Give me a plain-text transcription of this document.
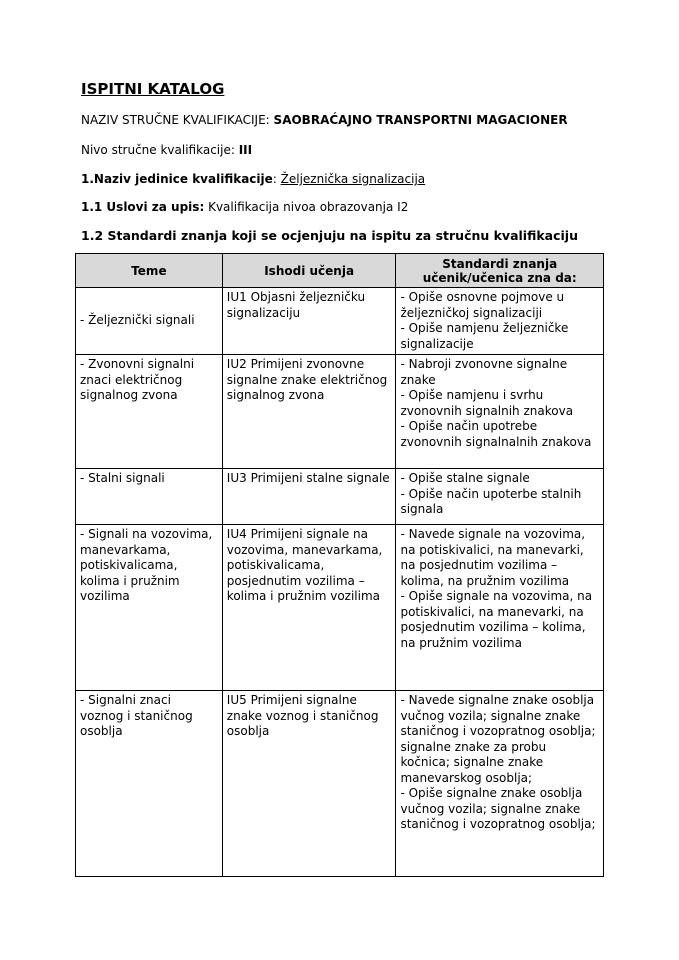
ISPITNI KATALOG

NAZIV STRUČNE KVALIFIKACIJE: SAOBRAĆAJNO TRANSPORTNI MAGACIONER

Nivo stručne kvalifikacije: III

1.Naziv jedinice kvalifikacije: Željeznička signalizacija

1.1 Uslovi za upis: Kvalifikacija nivoa obrazovanja I2

1.2 Standardi znanja koji se ocjenjuju na ispitu za stručnu kvalifikaciju

Teme	Ishodi učenja	Standardi znanja
učenik/učenica zna da:

- Željeznički signali	IU1 Objasni željezničku signalizaciju	- Opiše osnovne pojmove u željezničkoj signalizaciji
- Opiše namjenu željezničke signalizacije

- Zvonovni signalni znaci električnog signalnog zvona	IU2 Primijeni zvonovne signalne znake električnog signalnog zvona	- Nabroji zvonovne signalne znake
- Opiše namjenu i svrhu zvonovnih signalnih znakova
- Opiše način upotrebe zvonovnih signalnalnih znakova

- Stalni signali	IU3 Primijeni stalne signale	- Opiše stalne signale
- Opiše način upoterbe stalnih signala

- Signali na vozovima, manevarkama, potiskivalicama, kolima i pružnim vozilima	IU4 Primijeni signale na vozovima, manevarkama, potiskivalicama, posjednutim vozilima – kolima i pružnim vozilima	- Navede signale na vozovima, na potiskivalici, na manevarki, na posjednutim vozilima – kolima, na pružnim vozilima
- Opiše signale na vozovima, na potiskivalici, na manevarki, na posjednutim vozilima – kolima, na pružnim vozilima

- Signalni znaci voznog i staničnog osoblja	IU5 Primijeni signalne znake voznog i staničnog osoblja	- Navede signalne znake osoblja vučnog vozila; signalne znake staničnog i vozopratnog osoblja; signalne znake za probu kočnica; signalne znake manevarskog osoblja;
- Opiše signalne znake osoblja vučnog vozila; signalne znake staničnog i vozopratnog osoblja;
